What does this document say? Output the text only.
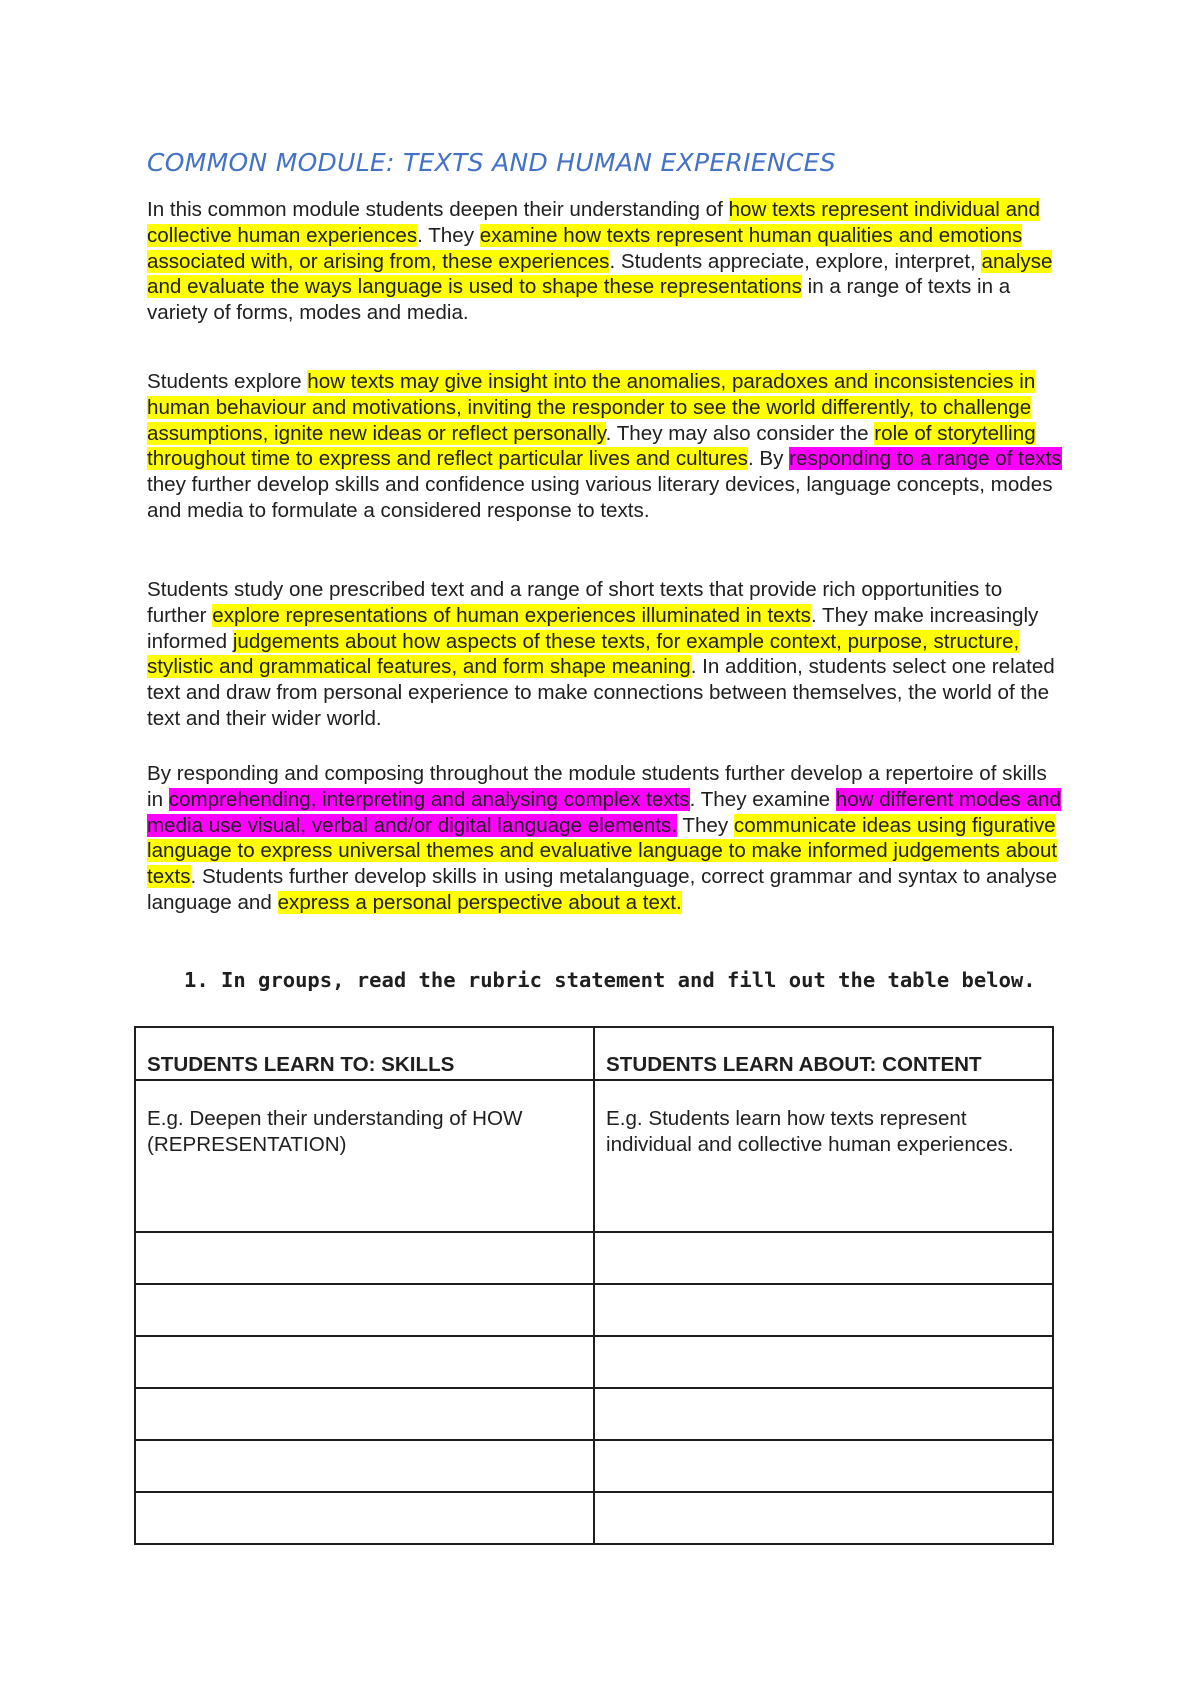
COMMON MODULE: TEXTS AND HUMAN EXPERIENCES

In this common module students deepen their understanding of how texts represent individual and collective human experiences. They examine how texts represent human qualities and emotions associated with, or arising from, these experiences. Students appreciate, explore, interpret, analyse and evaluate the ways language is used to shape these representations in a range of texts in a variety of forms, modes and media.

Students explore how texts may give insight into the anomalies, paradoxes and inconsistencies in human behaviour and motivations, inviting the responder to see the world differently, to challenge assumptions, ignite new ideas or reflect personally. They may also consider the role of storytelling throughout time to express and reflect particular lives and cultures. By responding to a range of texts they further develop skills and confidence using various literary devices, language concepts, modes and media to formulate a considered response to texts.

Students study one prescribed text and a range of short texts that provide rich opportunities to further explore representations of human experiences illuminated in texts. They make increasingly informed judgements about how aspects of these texts, for example context, purpose, structure, stylistic and grammatical features, and form shape meaning. In addition, students select one related text and draw from personal experience to make connections between themselves, the world of the text and their wider world.

By responding and composing throughout the module students further develop a repertoire of skills in comprehending, interpreting and analysing complex texts. They examine how different modes and media use visual, verbal and/or digital language elements. They communicate ideas using figurative language to express universal themes and evaluative language to make informed judgements about texts. Students further develop skills in using metalanguage, correct grammar and syntax to analyse language and express a personal perspective about a text.

1. In groups, read the rubric statement and fill out the table below.

STUDENTS LEARN TO: SKILLS	STUDENTS LEARN ABOUT: CONTENT
E.g. Deepen their understanding of HOW (REPRESENTATION)	E.g. Students learn how texts represent individual and collective human experiences.
